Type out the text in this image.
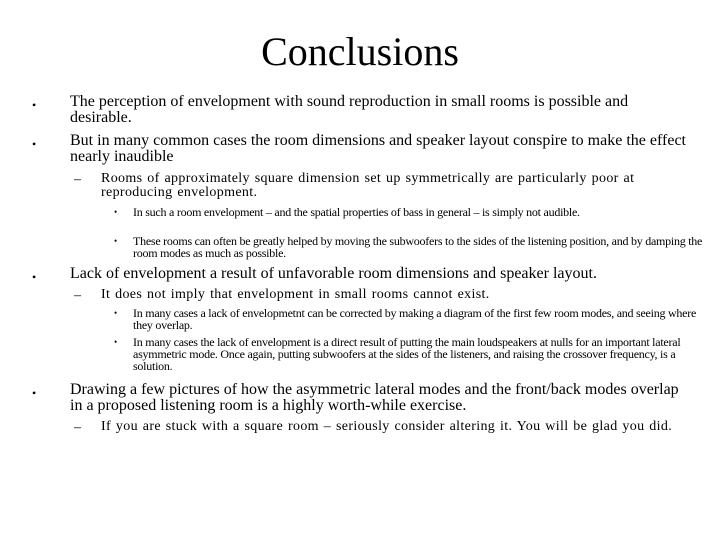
Conclusions
• The perception of envelopment with sound reproduction in small rooms is possible and desirable.
• But in many common cases the room dimensions and speaker layout conspire to make the effect nearly inaudible
– Rooms of approximately square dimension set up symmetrically are particularly poor at reproducing envelopment.
• In such a room envelopment – and the spatial properties of bass in general – is simply not audible.
• These rooms can often be greatly helped by moving the subwoofers to the sides of the listening position, and by damping the room modes as much as possible.
• Lack of envelopment a result of unfavorable room dimensions and speaker layout.
– It does not imply that envelopment in small rooms cannot exist.
• In many cases a lack of envelopmetnt can be corrected by making a diagram of the first few room modes, and seeing where they overlap.
• In many cases the lack of envelopment is a direct result of putting the main loudspeakers at nulls for an important lateral asymmetric mode. Once again, putting subwoofers at the sides of the listeners, and raising the crossover frequency, is a solution.
• Drawing a few pictures of how the asymmetric lateral modes and the front/back modes overlap in a proposed listening room is a highly worth-while exercise.
– If you are stuck with a square room – seriously consider altering it. You will be glad you did.
